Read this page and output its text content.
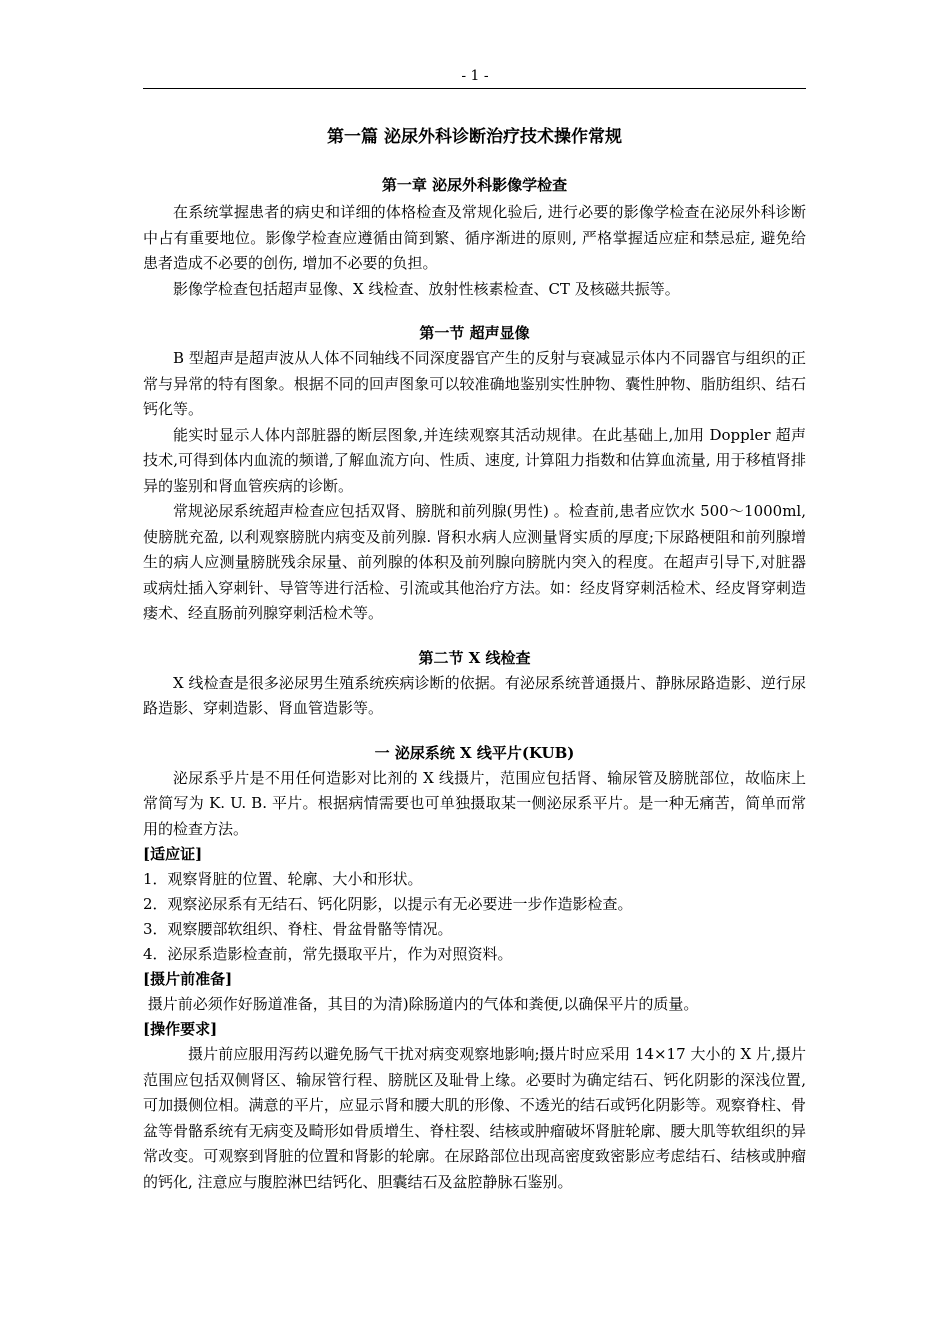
- 1 -
第一篇 泌尿外科诊断治疗技术操作常规
第一章 泌尿外科影像学检查

在系统掌握患者的病史和详细的体格检查及常规化验后, 进行必要的影像学检查在泌尿外科诊断中占有重要地位。影像学检查应遵循由简到繁、循序渐进的原则, 严格掌握适应症和禁忌症, 避免给患者造成不必要的创伤, 增加不必要的负担。

影像学检查包括超声显像、X 线检查、放射性核素检查、CT 及核磁共振等。

第一节 超声显像

B 型超声是超声波从人体不同轴线不同深度器官产生的反射与衰减显示体内不同器官与组织的正常与异常的特有图象。根据不同的回声图象可以较准确地鉴别实性肿物、囊性肿物、脂肪组织、结石钙化等。

能实时显示人体内部脏器的断层图象,并连续观察其活动规律。在此基础上,加用 Doppler 超声技术,可得到体内血流的频谱,了解血流方向、性质、速度, 计算阻力指数和估算血流量, 用于移植肾排异的鉴别和肾血管疾病的诊断。

常规泌尿系统超声检查应包括双肾、膀胱和前列腺(男性) 。检查前,患者应饮水 500～1000ml, 使膀胱充盈, 以利观察膀胱内病变及前列腺. 肾积水病人应测量肾实质的厚度;下尿路梗阻和前列腺增生的病人应测量膀胱残余尿量、前列腺的体积及前列腺向膀胱内突入的程度。在超声引导下,对脏器或病灶插入穿刺针、导管等进行活检、引流或其他治疗方法。如：经皮肾穿刺活检术、经皮肾穿刺造瘘术、经直肠前列腺穿刺活检术等。

第二节 X 线检查

X 线检查是很多泌尿男生殖系统疾病诊断的依据。有泌尿系统普通摄片、静脉尿路造影、逆行尿路造影、穿刺造影、肾血管造影等。

一 泌尿系统 X 线平片(KUB)

泌尿系乎片是不用任何造影对比剂的 X 线摄片，范围应包括肾、输尿管及膀胱部位，故临床上常简写为 K. U. B. 平片。根据病情需要也可单独摄取某一侧泌尿系平片。是一种无痛苦，简单而常用的检查方法。

[适应证]

1．观察肾脏的位置、轮廓、大小和形状。

2．观察泌尿系有无结石、钙化阴影，以提示有无必要进一步作造影检查。

3．观察腰部软组织、脊柱、骨盆骨骼等情况。

4．泌尿系造影检查前，常先摄取平片，作为对照资料。

[摄片前准备]

摄片前必须作好肠道准备，其目的为清)除肠道内的气体和粪便,以确保平片的质量。

[操作要求]

摄片前应服用泻药以避免肠气干扰对病变观察地影响;摄片时应采用 14×17 大小的 X 片,摄片范围应包括双侧肾区、输尿管行程、膀胱区及耻骨上缘。必要时为确定结石、钙化阴影的深浅位置,可加摄侧位相。满意的平片，应显示肾和腰大肌的形像、不透光的结石或钙化阴影等。观察脊柱、骨盆等骨骼系统有无病变及畸形如骨质增生、脊柱裂、结核或肿瘤破坏肾脏轮廓、腰大肌等软组织的异常改变。可观察到肾脏的位置和肾影的轮廓。在尿路部位出现高密度致密影应考虑结石、结核或肿瘤的钙化, 注意应与腹腔淋巴结钙化、胆囊结石及盆腔静脉石鉴别。
